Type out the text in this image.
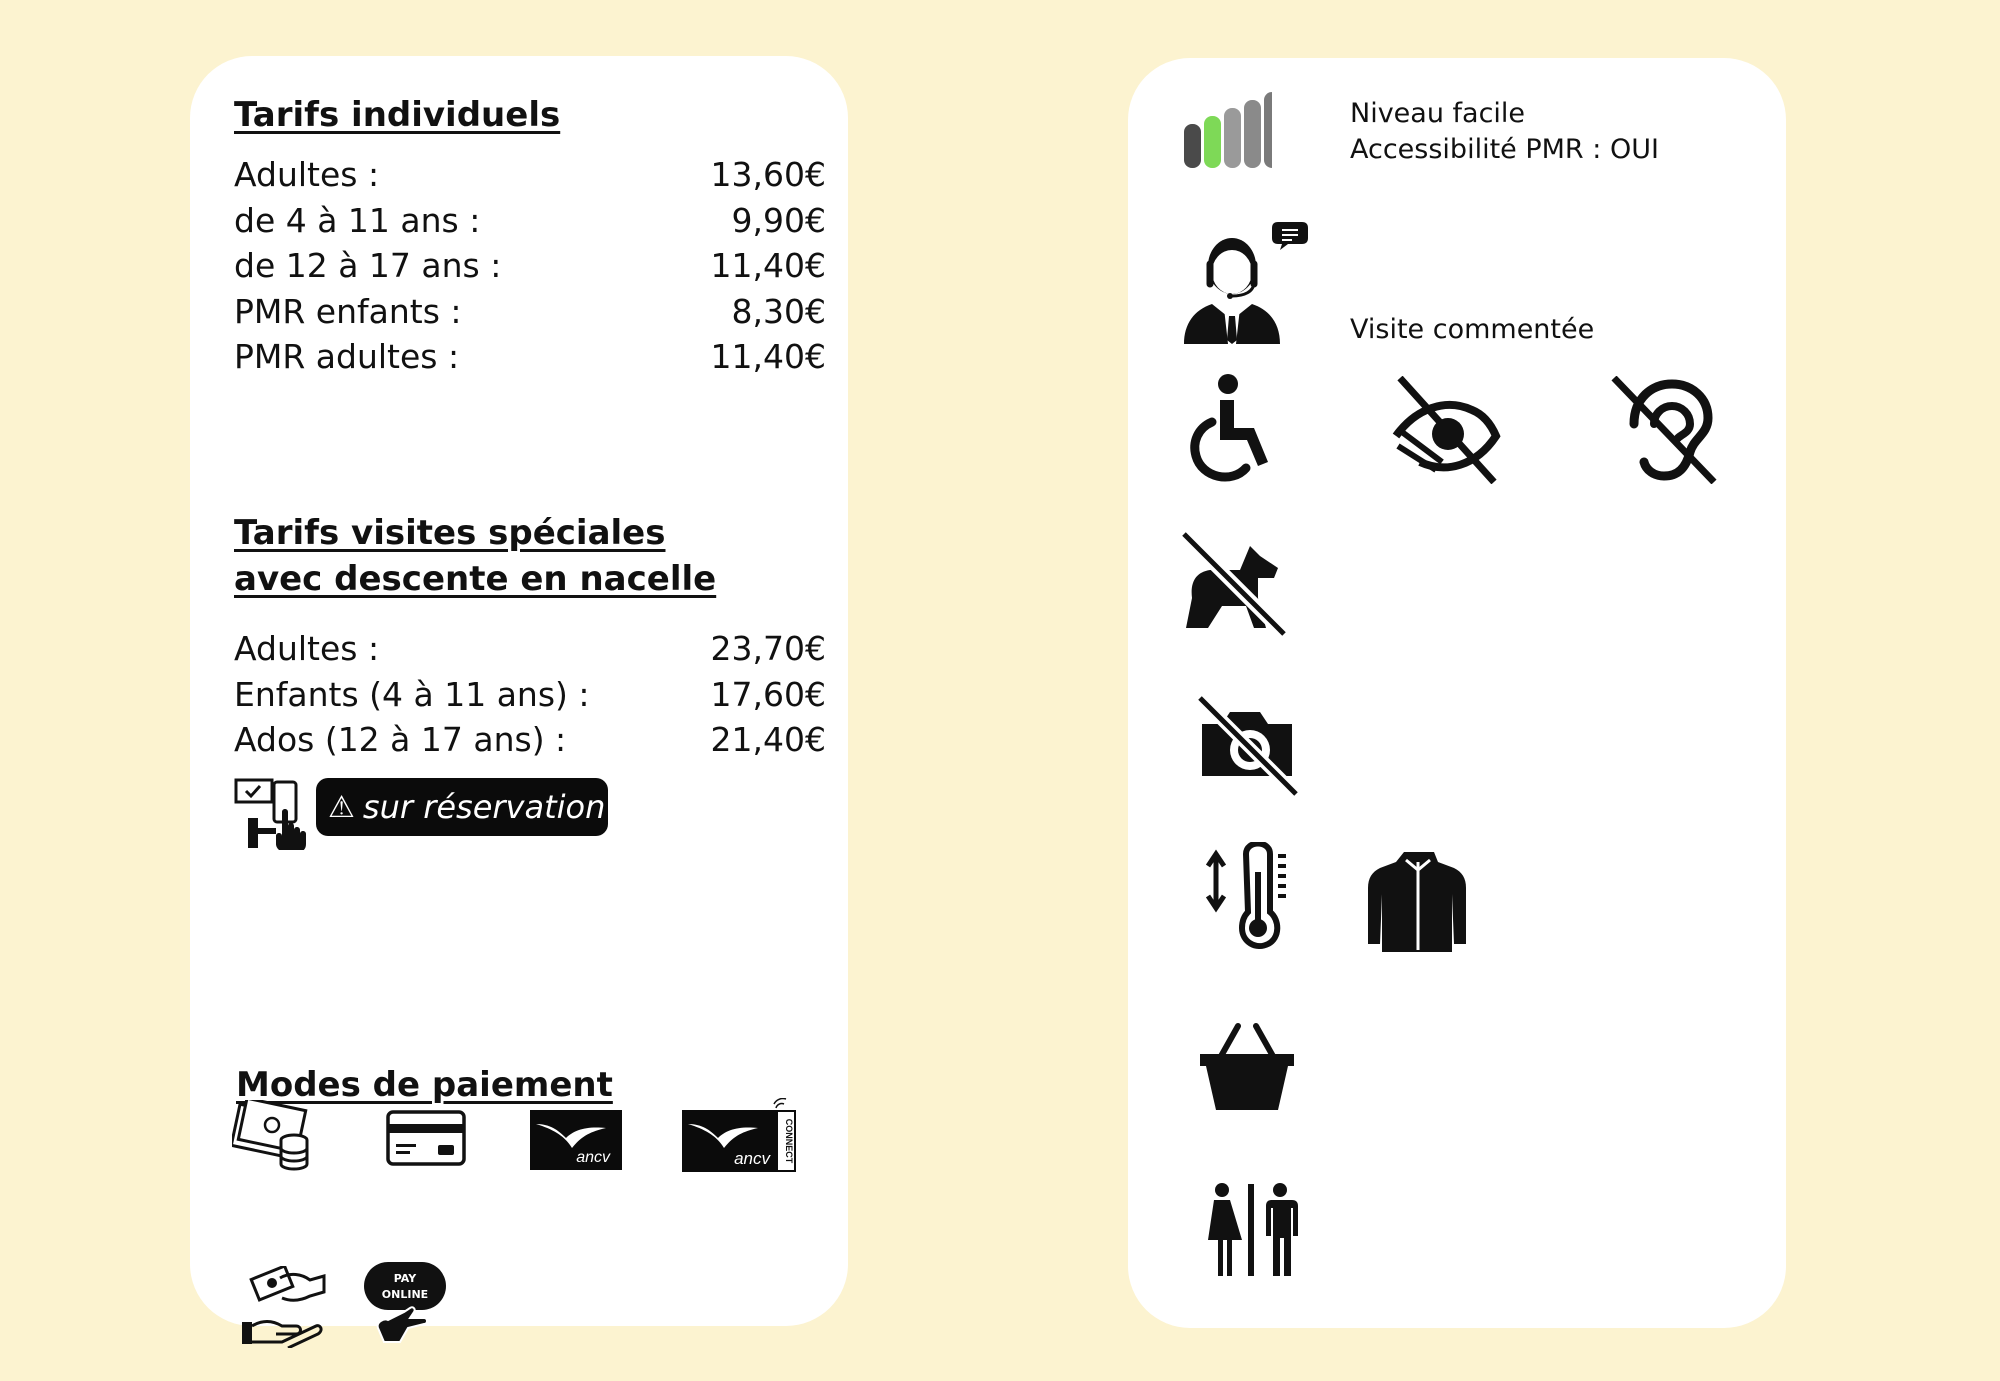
Tarifs individuels
Adultes :	13,60€
de 4 à 11 ans :	9,90€
de 12 à 17 ans :	11,40€
PMR enfants :	8,30€
PMR adultes :	11,40€
Tarifs visites spéciales
avec descente en nacelle
Adultes :	23,70€
Enfants (4 à 11 ans) :	17,60€
Ados (12 à 17 ans) :	21,40€
⚠ sur réservation
Modes de paiement
ancv	ancv CONNECT
PAY
ONLINE
Niveau facile
Accessibilité PMR : OUI
Visite commentée
